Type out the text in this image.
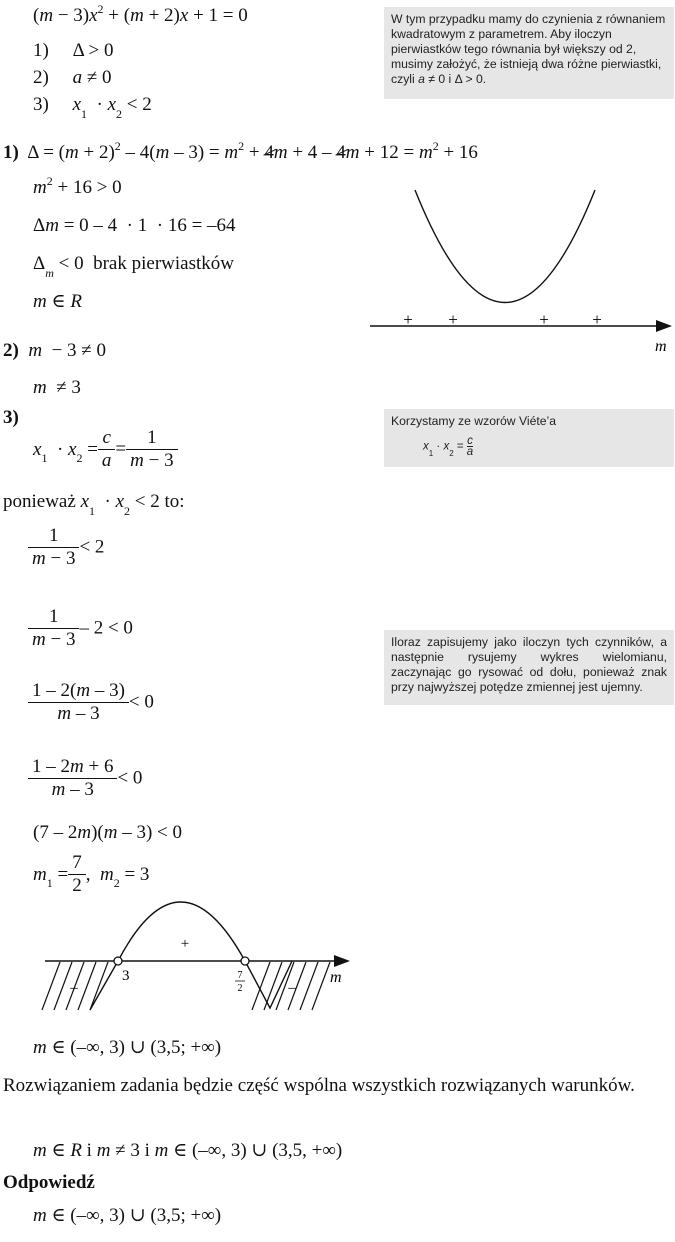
$(m - 3)x^2 + (m + 2)x + 1 = 0$
1)     Δ > 0
2) a ≠ 0
3) $x_1 \cdot x_2 < 2$
W tym przypadku mamy do czynienia z równaniem kwadratowym z parametrem. Aby iloczyn pierwiastków tego równania był większy od 2, musimy założyć, że istnieją dwa różne pierwiastki, czyli a ≠ 0 i Δ > 0.
1)  $\Delta = (m + 2)^2 - 4(m - 3) = m^2 + 4m + 4 - 4m + 12 = m^2 + 16$
$m^2 + 16 > 0$
Δm = 0 – 4  · 1  · 16 = –64
$\Delta_m < 0$  brak pierwiastków
m ∈ R
+ +	+	+
m
2) m  − 3 ≠ 0
m  ≠ 3
3)
$x_1 \cdot x_2 = \frac{c}{a} = \frac{1}{m - 3}$
Korzystamy ze wzorów Viéte’a
$x_1 \cdot x_2 = \frac{c}{a}$
ponieważ $x_1 \cdot x_2 < 2$ to:
$\frac{1}{m - 3} < 2$
$\frac{1}{m - 3} - 2 < 0$
$\frac{1 - 2(m - 3)}{m - 3} < 0$
$\frac{1 - 2m + 6}{m - 3} < 0$
Iloraz zapisujemy jako iloczyn tych czynników, a następnie rysujemy wykres wielomianu, zaczynając go rysować od dołu, ponieważ znak przy najwyższej potędze zmiennej jest ujemny.
(7 – 2m)(m – 3) < 0
$m_1 = \frac{7}{2}$ ,  $m_2 = 3$
3	7
2
+
–	–
m
m ∈ (–∞, 3) ∪ (3,5; +∞)
Rozwiązaniem zadania będzie część wspólna wszystkich rozwiązanych warunków.
m ∈ R i m ≠ 3 i m ∈ (–∞, 3) ∪ (3,5, +∞)
Odpowiedź
m ∈ (–∞, 3) ∪ (3,5; +∞)
